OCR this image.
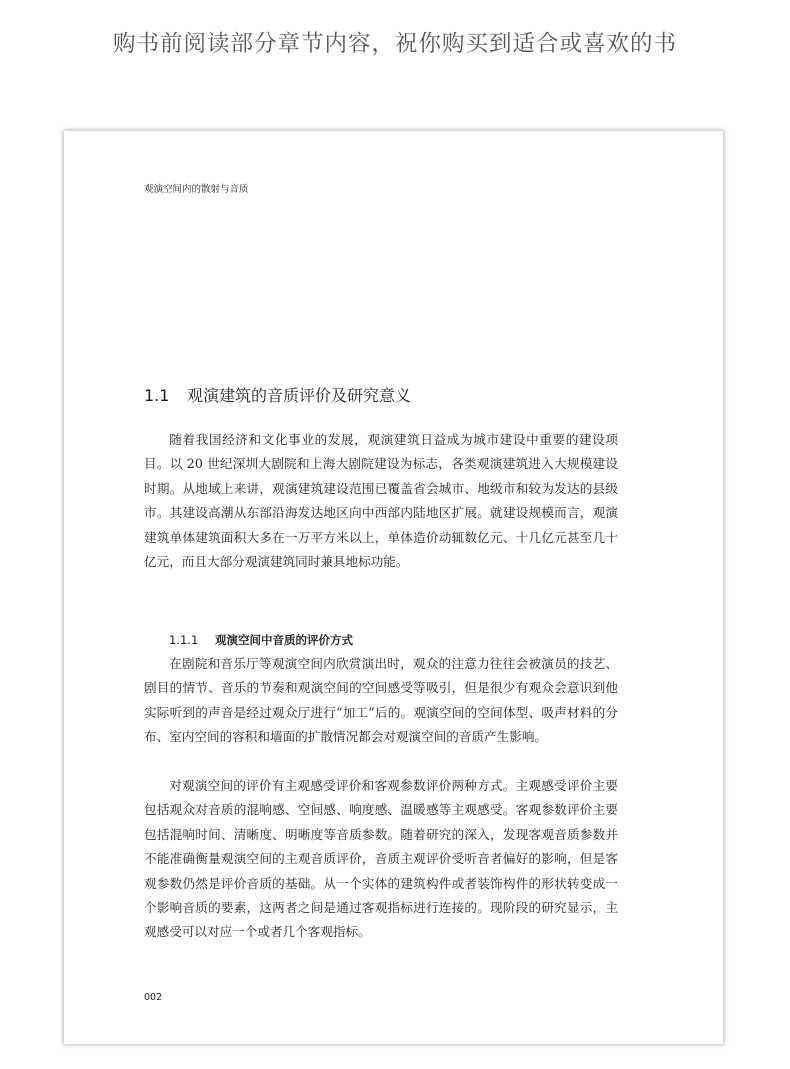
购书前阅读部分章节内容，祝你购买到适合或喜欢的书
观演空间内的散射与音质
1.1 观演建筑的音质评价及研究意义

随着我国经济和文化事业的发展，观演建筑日益成为城市建设中重要的建设项目。以 20 世纪深圳大剧院和上海大剧院建设为标志，各类观演建筑进入大规模建设时期。从地域上来讲，观演建筑建设范围已覆盖省会城市、地级市和较为发达的县级市。其建设高潮从东部沿海发达地区向中西部内陆地区扩展。就建设规模而言，观演建筑单体建筑面积大多在一万平方米以上，单体造价动辄数亿元、十几亿元甚至几十亿元，而且大部分观演建筑同时兼具地标功能。

1.1.1 观演空间中音质的评价方式

在剧院和音乐厅等观演空间内欣赏演出时，观众的注意力往往会被演员的技艺、剧目的情节、音乐的节奏和观演空间的空间感受等吸引，但是很少有观众会意识到他实际听到的声音是经过观众厅进行“加工”后的。观演空间的空间体型、吸声材料的分布、室内空间的容积和墙面的扩散情况都会对观演空间的音质产生影响。

对观演空间的评价有主观感受评价和客观参数评价两种方式。主观感受评价主要包括观众对音质的混响感、空间感、响度感、温暖感等主观感受。客观参数评价主要包括混响时间、清晰度、明晰度等音质参数。随着研究的深入，发现客观音质参数并不能准确衡量观演空间的主观音质评价，音质主观评价受听音者偏好的影响，但是客观参数仍然是评价音质的基础。从一个实体的建筑构件或者装饰构件的形状转变成一个影响音质的要素，这两者之间是通过客观指标进行连接的。现阶段的研究显示，主观感受可以对应一个或者几个客观指标。

002
